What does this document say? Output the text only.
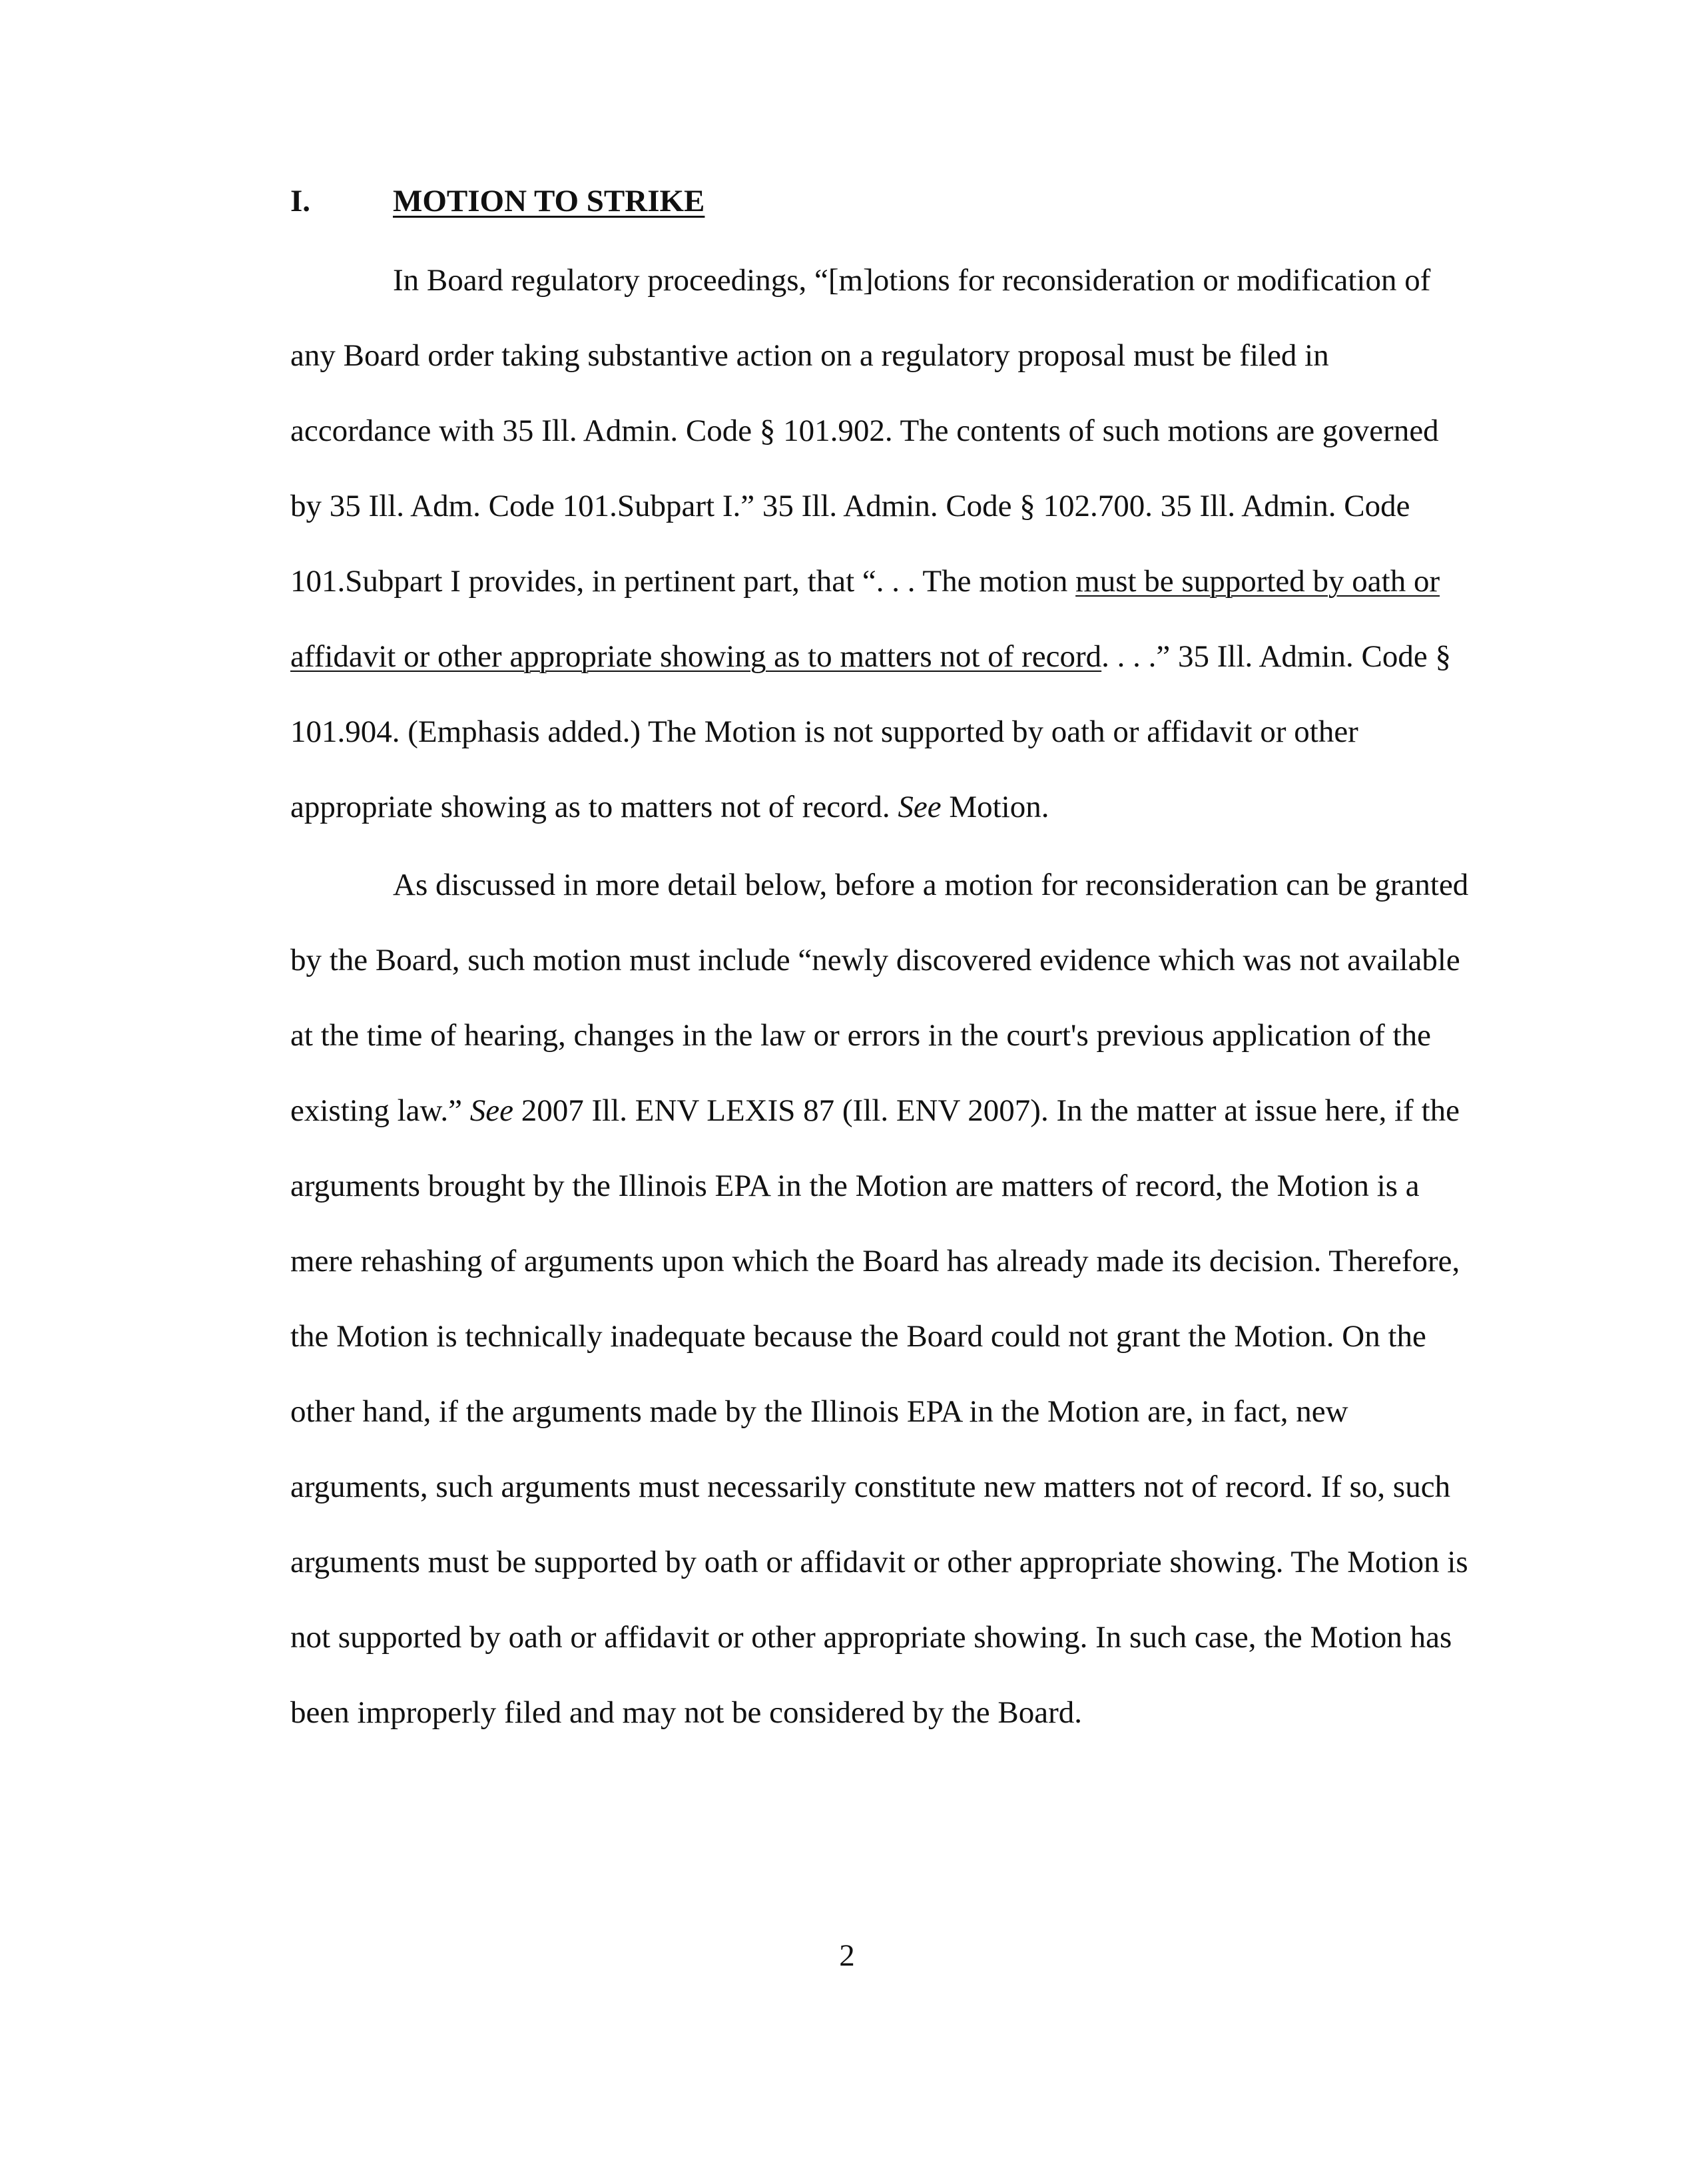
I.	MOTION TO STRIKE

In Board regulatory proceedings, “[m]otions for reconsideration or modification of any Board order taking substantive action on a regulatory proposal must be filed in accordance with 35 Ill. Admin. Code § 101.902. The contents of such motions are governed by 35 Ill. Adm. Code 101.Subpart I.” 35 Ill. Admin. Code § 102.700. 35 Ill. Admin. Code 101.Subpart I provides, in pertinent part, that “. . . The motion must be supported by oath or affidavit or other appropriate showing as to matters not of record. . . .” 35 Ill. Admin. Code § 101.904. (Emphasis added.) The Motion is not supported by oath or affidavit or other appropriate showing as to matters not of record. See Motion.

As discussed in more detail below, before a motion for reconsideration can be granted by the Board, such motion must include “newly discovered evidence which was not available at the time of hearing, changes in the law or errors in the court's previous application of the existing law.” See 2007 Ill. ENV LEXIS 87 (Ill. ENV 2007). In the matter at issue here, if the arguments brought by the Illinois EPA in the Motion are matters of record, the Motion is a mere rehashing of arguments upon which the Board has already made its decision. Therefore, the Motion is technically inadequate because the Board could not grant the Motion. On the other hand, if the arguments made by the Illinois EPA in the Motion are, in fact, new arguments, such arguments must necessarily constitute new matters not of record. If so, such arguments must be supported by oath or affidavit or other appropriate showing. The Motion is not supported by oath or affidavit or other appropriate showing. In such case, the Motion has been improperly filed and may not be considered by the Board.

2
